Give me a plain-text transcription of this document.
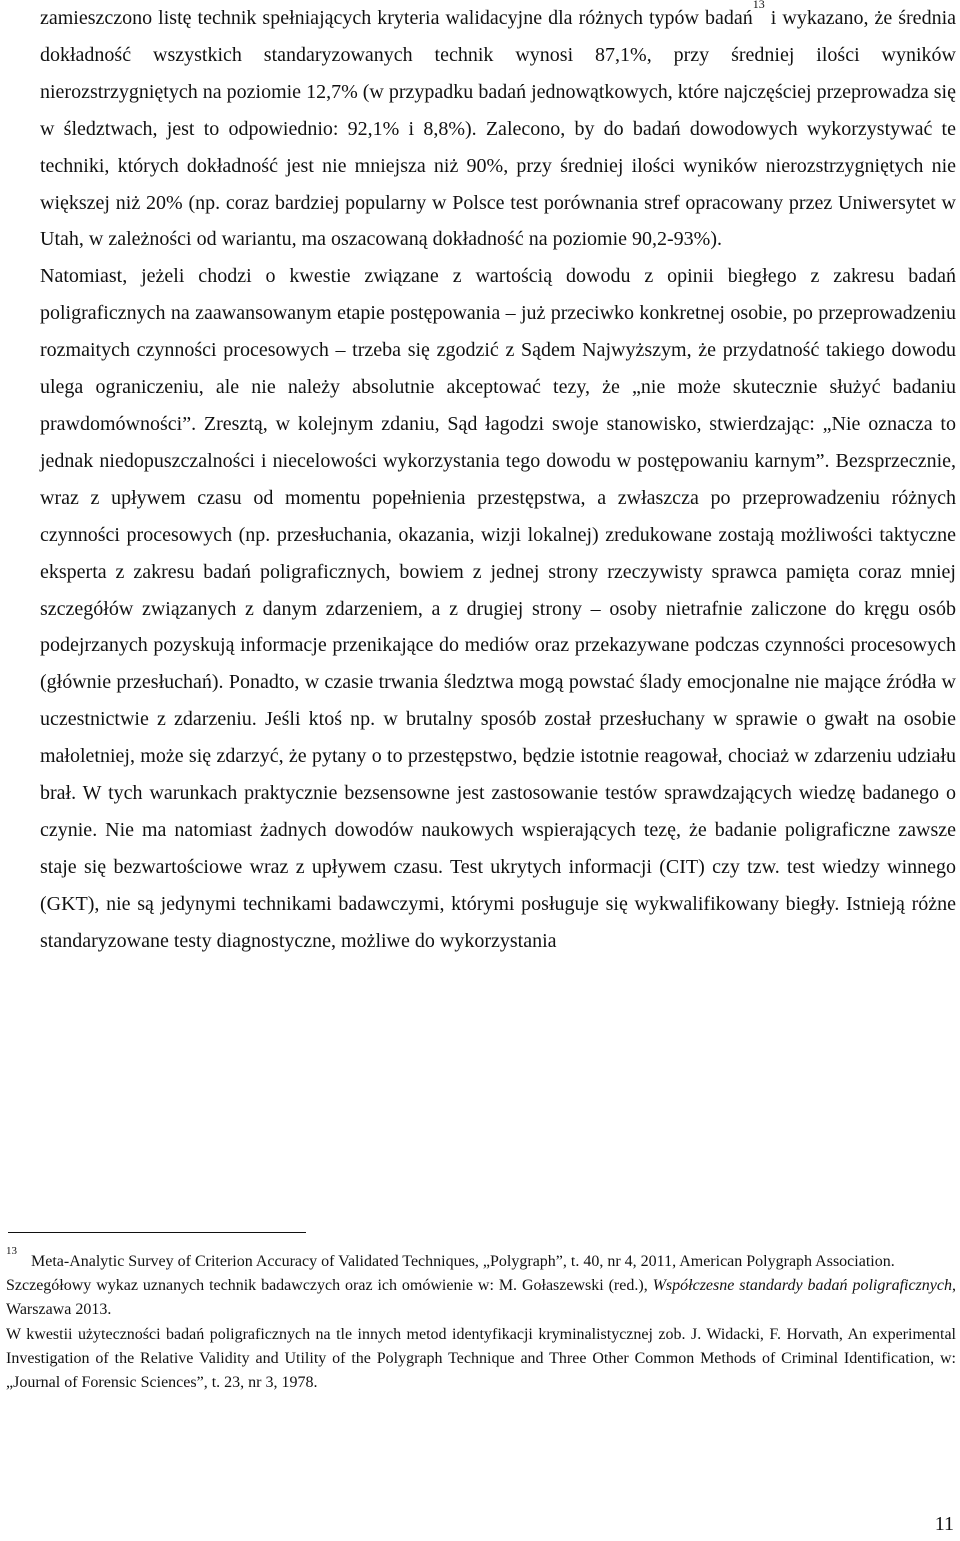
zamieszczono listę technik spełniających kryteria walidacyjne dla różnych typów badań$^{13}$ i wykazano, że średnia dokładność wszystkich standaryzowanych technik wynosi 87,1%, przy średniej ilości wyników nierozstrzygniętych na poziomie 12,7% (w przypadku badań jednowątkowych, które najczęściej przeprowadza się w śledztwach, jest to odpowiednio: 92,1% i 8,8%). Zalecono, by do badań dowodowych wykorzystywać te techniki, których dokładność jest nie mniejsza niż 90%, przy średniej ilości wyników nierozstrzygniętych nie większej niż 20% (np. coraz bardziej popularny w Polsce test porównania stref opracowany przez Uniwersytet w Utah, w zależności od wariantu, ma oszacowaną dokładność na poziomie 90,2-93%).

Natomiast, jeżeli chodzi o kwestie związane z wartością dowodu z opinii biegłego z zakresu badań poligraficznych na zaawansowanym etapie postępowania – już przeciwko konkretnej osobie, po przeprowadzeniu rozmaitych czynności procesowych – trzeba się zgodzić z Sądem Najwyższym, że przydatność takiego dowodu ulega ograniczeniu, ale nie należy absolutnie akceptować tezy, że „nie może skutecznie służyć badaniu prawdomówności”. Zresztą, w kolejnym zdaniu, Sąd łagodzi swoje stanowisko, stwierdzając: „Nie oznacza to jednak niedopuszczalności i niecelowości wykorzystania tego dowodu w postępowaniu karnym”. Bezsprzecznie, wraz z upływem czasu od momentu popełnienia przestępstwa, a zwłaszcza po przeprowadzeniu różnych czynności procesowych (np. przesłuchania, okazania, wizji lokalnej) zredukowane zostają możliwości taktyczne eksperta z zakresu badań poligraficznych, bowiem z jednej strony rzeczywisty sprawca pamięta coraz mniej szczegółów związanych z danym zdarzeniem, a z drugiej strony – osoby nietrafnie zaliczone do kręgu osób podejrzanych pozyskują informacje przenikające do mediów oraz przekazywane podczas czynności procesowych (głównie przesłuchań). Ponadto, w czasie trwania śledztwa mogą powstać ślady emocjonalne nie mające źródła w uczestnictwie z zdarzeniu. Jeśli ktoś np. w brutalny sposób został przesłuchany w sprawie o gwałt na osobie małoletniej, może się zdarzyć, że pytany o to przestępstwo, będzie istotnie reagował, chociaż w zdarzeniu udziału brał. W tych warunkach praktycznie bezsensowne jest zastosowanie testów sprawdzających wiedzę badanego o czynie. Nie ma natomiast żadnych dowodów naukowych wspierających tezę, że badanie poligraficzne zawsze staje się bezwartościowe wraz z upływem czasu. Test ukrytych informacji (CIT) czy tzw. test wiedzy winnego (GKT), nie są jedynymi technikami badawczymi, którymi posługuje się wykwalifikowany biegły. Istnieją różne standaryzowane testy diagnostyczne, możliwe do wykorzystania

$^{13}$Meta-Analytic Survey of Criterion Accuracy of Validated Techniques, „Polygraph”, t. 40, nr 4, 2011, American Polygraph Association.

Szczegółowy wykaz uznanych technik badawczych oraz ich omówienie w: M. Gołaszewski (red.), Współczesne standardy badań poligraficznych, Warszawa 2013.

W kwestii użyteczności badań poligraficznych na tle innych metod identyfikacji kryminalistycznej zob. J. Widacki, F. Horvath, An experimental Investigation of the Relative Validity and Utility of the Polygraph Technique and Three Other Common Methods of Criminal Identification, w: „Journal of Forensic Sciences”, t. 23, nr 3, 1978.

11
